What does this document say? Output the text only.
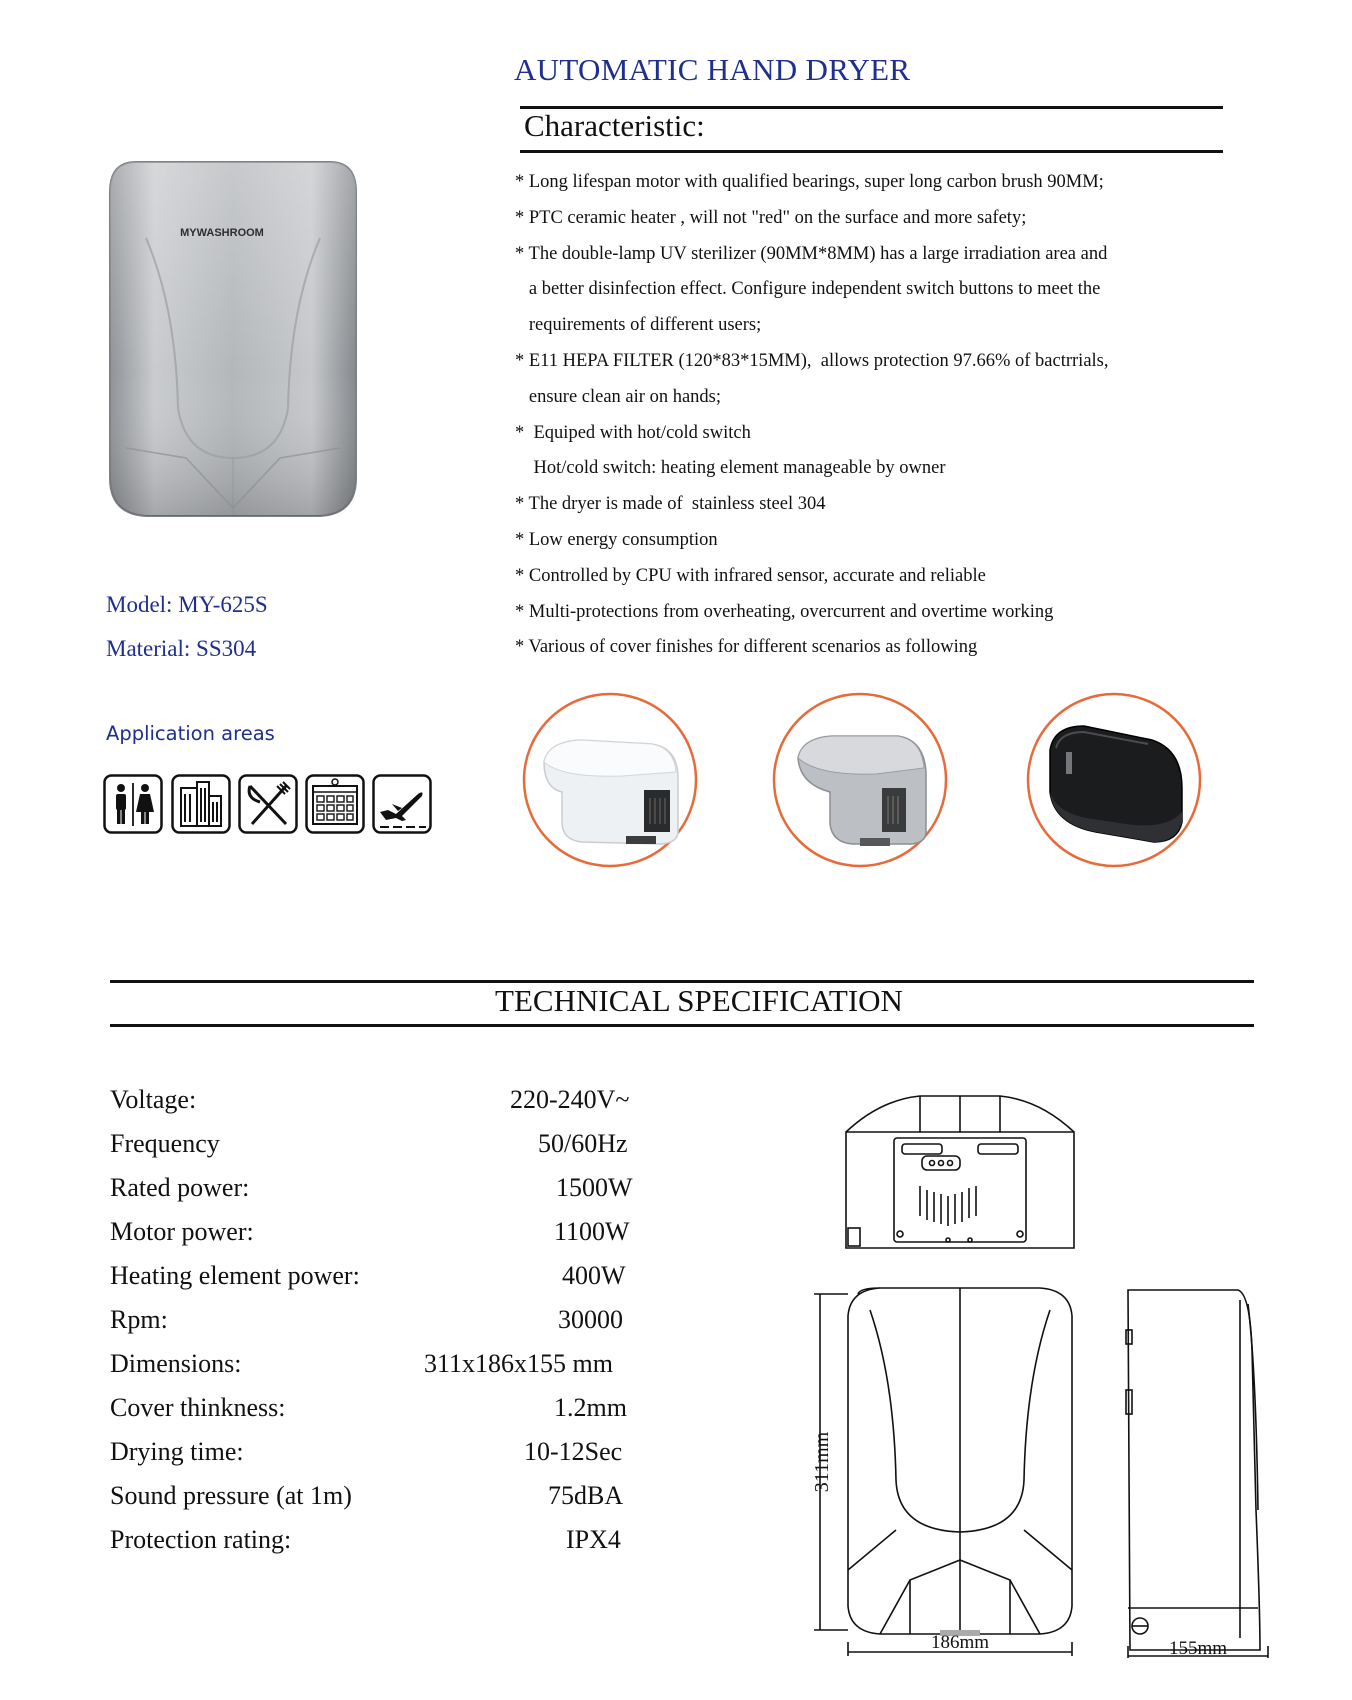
AUTOMATIC HAND DRYER
Characteristic:
* Long lifespan motor with qualified bearings, super long carbon brush 90MM;
* PTC ceramic heater , will not "red" on the surface and more safety;
* The double-lamp UV sterilizer (90MM*8MM) has a large irradiation area and
a better disinfection effect. Configure independent switch buttons to meet the
requirements of different users;
* E11 HEPA FILTER (120*83*15MM),  allows protection 97.66% of bactrrials,
ensure clean air on hands;
*  Equiped with hot/cold switch
Hot/cold switch: heating element manageable by owner
* The dryer is made of  stainless steel 304
* Low energy consumption
* Controlled by CPU with infrared sensor, accurate and reliable
* Multi-protections from overheating, overcurrent and overtime working
* Various of cover finishes for different scenarios as following
MYWASHROOM
Model: MY-625S
Material: SS304
Application areas
TECHNICAL SPECIFICATION
Voltage:	220-240V~
Frequency	50/60Hz
Rated power:	1500W
Motor power:	1100W
Heating element power:	400W
Rpm:	30000
Dimensions:	311x186x155 mm
Cover thinkness:	1.2mm
Drying time:	10-12Sec
Sound pressure (at 1m)	75dBA
Protection rating:	IPX4
311mm
186mm	155mm
